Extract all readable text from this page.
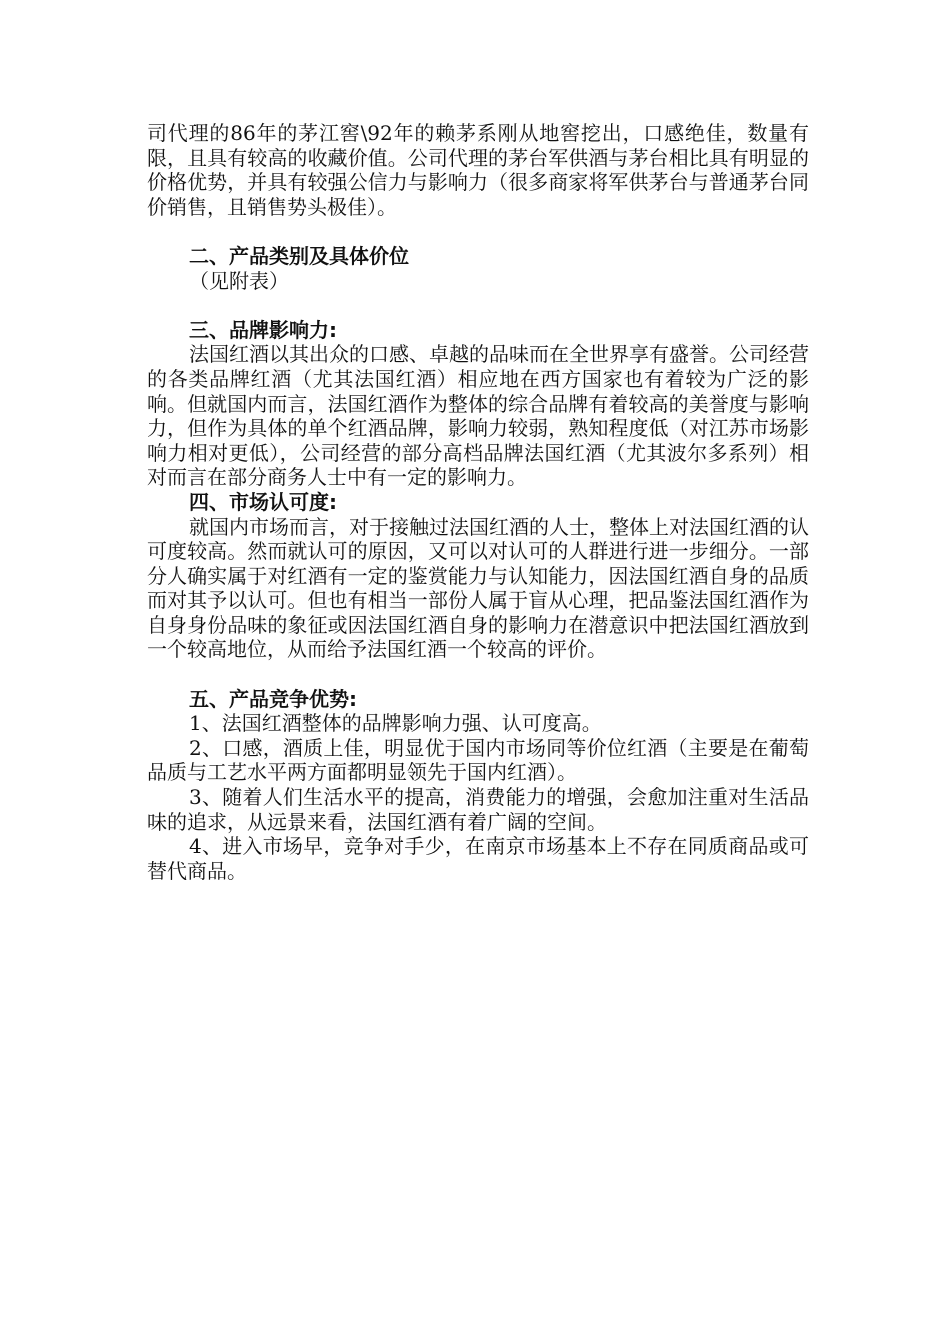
司代理的86年的茅江窖\92年的赖茅系刚从地窖挖出，口感绝佳，数量有限，且具有较高的收藏价值。公司代理的茅台军供酒与茅台相比具有明显的价格优势，并具有较强公信力与影响力（很多商家将军供茅台与普通茅台同价销售，且销售势头极佳）。

二、产品类别及具体价位

（见附表）

三、品牌影响力:

法国红酒以其出众的口感、卓越的品味而在全世界享有盛誉。公司经营的各类品牌红酒（尤其法国红酒）相应地在西方国家也有着较为广泛的影响。但就国内而言，法国红酒作为整体的综合品牌有着较高的美誉度与影响力，但作为具体的单个红酒品牌，影响力较弱，熟知程度低（对江苏市场影响力相对更低），公司经营的部分高档品牌法国红酒（尤其波尔多系列）相对而言在部分商务人士中有一定的影响力。

四、市场认可度:

就国内市场而言，对于接触过法国红酒的人士，整体上对法国红酒的认可度较高。然而就认可的原因，又可以对认可的人群进行进一步细分。一部分人确实属于对红酒有一定的鉴赏能力与认知能力，因法国红酒自身的品质而对其予以认可。但也有相当一部份人属于盲从心理，把品鉴法国红酒作为自身身份品味的象征或因法国红酒自身的影响力在潜意识中把法国红酒放到一个较高地位，从而给予法国红酒一个较高的评价。

五、产品竞争优势:

1、法国红酒整体的品牌影响力强、认可度高。

2、口感，酒质上佳，明显优于国内市场同等价位红酒（主要是在葡萄品质与工艺水平两方面都明显领先于国内红酒）。

3、随着人们生活水平的提高，消费能力的增强，会愈加注重对生活品味的追求，从远景来看，法国红酒有着广阔的空间。

4、进入市场早，竞争对手少，在南京市场基本上不存在同质商品或可替代商品。
